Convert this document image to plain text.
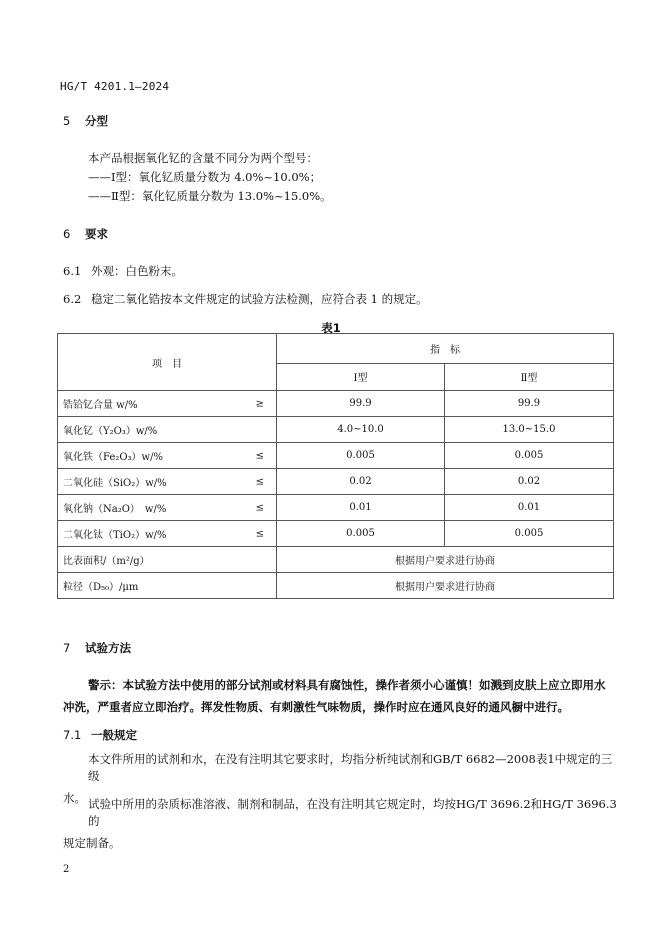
HG/T 4201.1—2024
5 分型
本产品根据氧化钇的含量不同分为两个型号：
——Ⅰ型：氧化钇质量分数为 4.0%~10.0%；
——Ⅱ型：氧化钇质量分数为 13.0%~15.0%。
6 要求
6.1 外观：白色粉末。
6.2 稳定二氧化锆按本文件规定的试验方法检测，应符合表 1 的规定。
表1
项　目	指　标	
	Ⅰ型	Ⅱ型
锆铪钇合量 w/% ≥	99.9	99.9
氧化钇（Y₂O₃）w/%	4.0~10.0	13.0~15.0
氧化铁（Fe₂O₃）w/% ≤	0.005	0.005
二氧化硅（SiO₂）w/% ≤	0.02	0.02
氧化钠（Na₂O）　w/% ≤	0.01	0.01
二氧化钛（TiO₂）w/% ≤	0.005	0.005
比表面积/（m²/g）	根据用户要求进行协商	
粒径（D₅₀）/μm	根据用户要求进行协商	
7 试验方法
警示：本试验方法中使用的部分试剂或材料具有腐蚀性，操作者须小心谨慎！如溅到皮肤上应立即用水
冲洗，严重者应立即治疗。挥发性物质、有刺激性气味物质，操作时应在通风良好的通风橱中进行。
7.1 一般规定
本文件所用的试剂和水，在没有注明其它要求时，均指分析纯试剂和GB/T 6682—2008表1中规定的三级
水。 试验中所用的杂质标准溶液、制剂和制品，在没有注明其它规定时，均按HG/T 3696.2和HG/T 3696.3的
规定制备。
2
